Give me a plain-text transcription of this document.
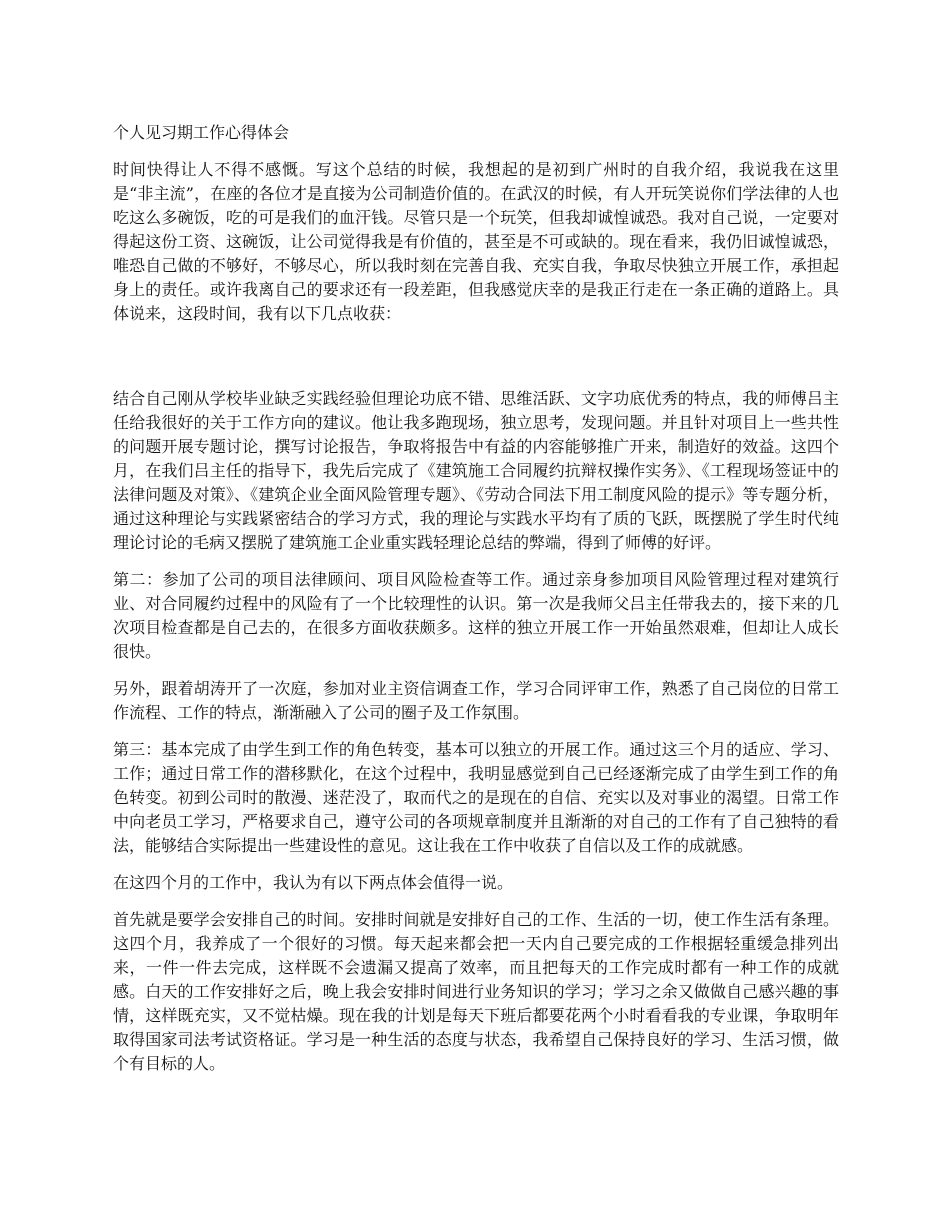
个人见习期工作心得体会

时间快得让人不得不感慨。写这个总结的时候，我想起的是初到广州时的自我介绍，我说我在这里是“非主流”，在座的各位才是直接为公司制造价值的。在武汉的时候，有人开玩笑说你们学法律的人也吃这么多碗饭，吃的可是我们的血汗钱。尽管只是一个玩笑，但我却诚惶诚恐。我对自己说，一定要对得起这份工资、这碗饭，让公司觉得我是有价值的，甚至是不可或缺的。现在看来，我仍旧诚惶诚恐，唯恐自己做的不够好，不够尽心，所以我时刻在完善自我、充实自我，争取尽快独立开展工作，承担起身上的责任。或许我离自己的要求还有一段差距，但我感觉庆幸的是我正行走在一条正确的道路上。具体说来，这段时间，我有以下几点收获：

结合自己刚从学校毕业缺乏实践经验但理论功底不错、思维活跃、文字功底优秀的特点，我的师傅吕主任给我很好的关于工作方向的建议。他让我多跑现场，独立思考，发现问题。并且针对项目上一些共性的问题开展专题讨论，撰写讨论报告，争取将报告中有益的内容能够推广开来，制造好的效益。这四个月，在我们吕主任的指导下，我先后完成了《建筑施工合同履约抗辩权操作实务》、《工程现场签证中的法律问题及对策》、《建筑企业全面风险管理专题》、《劳动合同法下用工制度风险的提示》等专题分析，通过这种理论与实践紧密结合的学习方式，我的理论与实践水平均有了质的飞跃，既摆脱了学生时代纯理论讨论的毛病又摆脱了建筑施工企业重实践轻理论总结的弊端，得到了师傅的好评。

第二：参加了公司的项目法律顾问、项目风险检查等工作。通过亲身参加项目风险管理过程对建筑行业、对合同履约过程中的风险有了一个比较理性的认识。第一次是我师父吕主任带我去的，接下来的几次项目检查都是自己去的，在很多方面收获颇多。这样的独立开展工作一开始虽然艰难，但却让人成长很快。

另外，跟着胡涛开了一次庭，参加对业主资信调查工作，学习合同评审工作，熟悉了自己岗位的日常工作流程、工作的特点，渐渐融入了公司的圈子及工作氛围。

第三：基本完成了由学生到工作的角色转变，基本可以独立的开展工作。通过这三个月的适应、学习、工作；通过日常工作的潜移默化，在这个过程中，我明显感觉到自己已经逐渐完成了由学生到工作的角色转变。初到公司时的散漫、迷茫没了，取而代之的是现在的自信、充实以及对事业的渴望。日常工作中向老员工学习，严格要求自己，遵守公司的各项规章制度并且渐渐的对自己的工作有了自己独特的看法，能够结合实际提出一些建设性的意见。这让我在工作中收获了自信以及工作的成就感。

在这四个月的工作中，我认为有以下两点体会值得一说。

首先就是要学会安排自己的时间。安排时间就是安排好自己的工作、生活的一切，使工作生活有条理。这四个月，我养成了一个很好的习惯。每天起来都会把一天内自己要完成的工作根据轻重缓急排列出来，一件一件去完成，这样既不会遗漏又提高了效率，而且把每天的工作完成时都有一种工作的成就感。白天的工作安排好之后，晚上我会安排时间进行业务知识的学习；学习之余又做做自己感兴趣的事情，这样既充实，又不觉枯燥。现在我的计划是每天下班后都要花两个小时看看我的专业课，争取明年取得国家司法考试资格证。学习是一种生活的态度与状态，我希望自己保持良好的学习、生活习惯，做个有目标的人。
